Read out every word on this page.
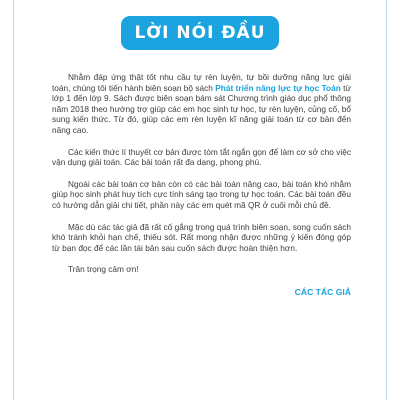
LỜI NÓI ĐẦU

Nhằm đáp ứng thật tốt nhu cầu tự rèn luyện, tự bồi dưỡng năng lực giải toán, chúng tôi tiến hành biên soạn bộ sách Phát triển năng lực tự học Toán từ lớp 1 đến lớp 9. Sách được biên soạn bám sát Chương trình giáo dục phổ thông năm 2018 theo hướng trợ giúp các em học sinh tự học, tự rèn luyện, củng cố, bổ sung kiến thức. Từ đó, giúp các em rèn luyện kĩ năng giải toán từ cơ bản đến nâng cao.

Các kiến thức lí thuyết cơ bản được tóm tắt ngắn gọn để làm cơ sở cho việc vận dụng giải toán. Các bài toán rất đa dạng, phong phú.

Ngoài các bài toán cơ bản còn có các bài toán nâng cao, bài toán khó nhằm giúp học sinh phát huy tích cực tính sáng tạo trong tự học toán. Các bài toán đều có hướng dẫn giải chi tiết, phần này các em quét mã QR ở cuối mỗi chủ đề.

Mặc dù các tác giả đã rất cố gắng trong quá trình biên soạn, song cuốn sách khó tránh khỏi hạn chế, thiếu sót. Rất mong nhận được những ý kiến đóng góp từ bạn đọc để các lần tái bản sau cuốn sách được hoàn thiện hơn.

Trân trọng cảm ơn!

CÁC TÁC GIẢ
